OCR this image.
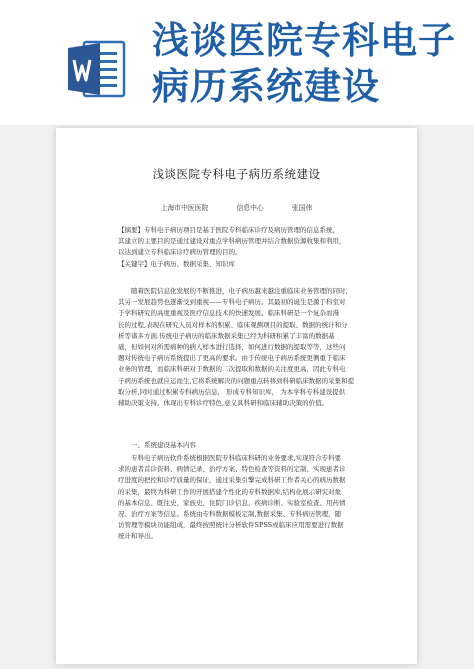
浅谈医院专科电子
病历系统建设
浅谈医院专科电子病历系统建设
上海市中医医院	信息中心	张国伟
【摘要】专科电子病历项目是基于医院专科临床诊疗及病历管理的信息系统，
其建立的主要目的是通过建设对重点学科病历管理并结合数据资源收集和利用，
以达到建立专科临床诊疗病历管理的目的。
【关键字】电子病历、数据采集、知识库
随着医院信息化发展的不断推进，电子病历越来越注重临床业务管理的同时，
其另一发展趋势也逐渐受到重视——专科电子病历。其最初的诞生是源于科室对
于学科研究的高度重视及医疗信息技术的快速发展。临床科研是一个复杂而漫
长的过程,表现在研究人员对样本的积累、临床观测项目的提取、数据的统计和分
析等诸多方面.传统电子病历的临床数据采集已经为科研积累了丰富的数据基
础，但如何对所需病种的病人样本进行选择，如何进行数据的提取等等，这些问
题对传统电子病历系统提出了更高的要求。由于传统电子病历系统更侧重于临床
业务的管理，而临床科研对于数据的二次提取和数据的关注度更高，因此专科电
子病历系统也就应运而生,它将系统解决的问题重点转移到科研临床数据的采集和提
取分析,同时通过积累专科病历信息， 形成专科知识库， 为本学科专科建设提供
辅助决策支持。体现出专科诊疗特色,意义具科研和临床辅助决策的价值。
一、系统建设基本内容
专科电子病历软件系统根据医院专科临床科研的业务要求,实现符合专科要
求的患者首诊资料、病情记录、治疗方案、特色检查等资料的定制、实现患者诊
疗进度的把控和诊疗质量的保证，通过采集引擎完成科研工作者关心的病历数据
的采集，最终为科研工作的开展搭建个性化的专科数据库,结构化展示研究对象
的基本信息、既往史、家族史、住院门诊信息、疾病诊断、实验室检查、用药情
况、治疗方案等信息。系统由专科数据模板定制,数据采集、专科病历管理，随
访管理等模块功能组成，最终按照统计分析软件SPSS或临床应用需要进行数据
统计和导出。
